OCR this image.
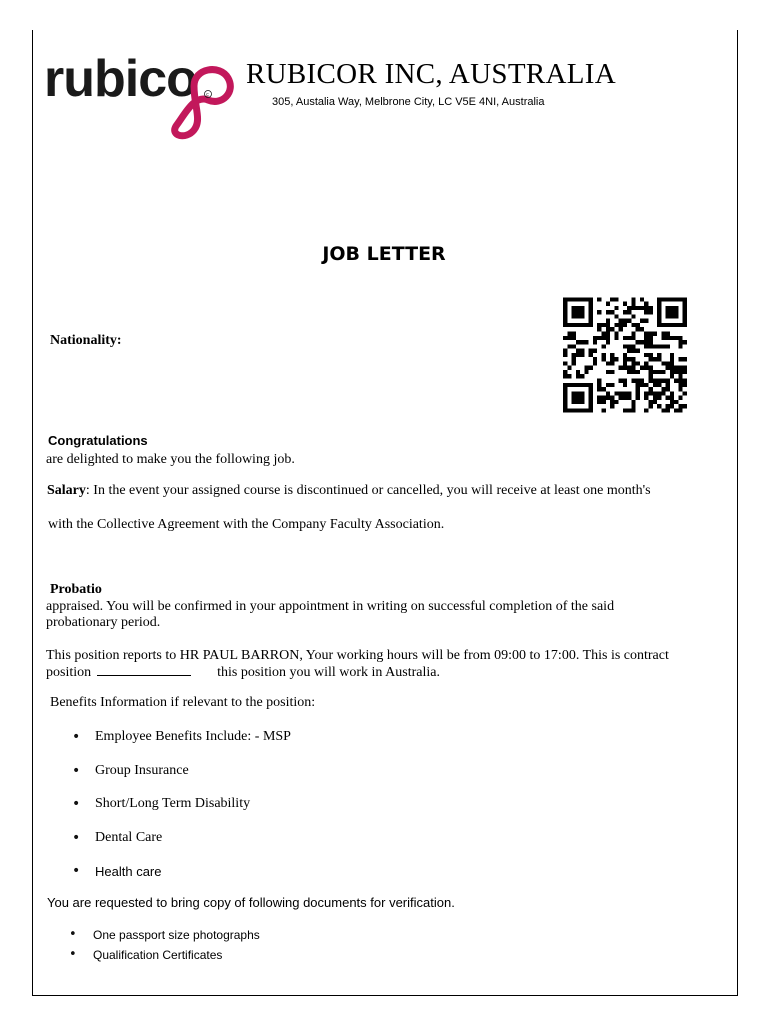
rubico c
RUBICOR INC, AUSTRALIA
305, Austalia Way, Melbrone City, LC V5E 4NI, Australia
JOB LETTER
Nationality:
Congratulations
are delighted to make you the following job.
Salary: In the event your assigned course is discontinued or cancelled, you will receive at least one month's
with the Collective Agreement with the Company Faculty Association.
Probatio
appraised. You will be confirmed in your appointment in writing on successful completion of the said
probationary period.
This position reports to HR PAUL BARRON, Your working hours will be from 09:00 to 17:00. This is contract
position	this position you will work in Australia.
Benefits Information if relevant to the position:
• Employee Benefits Include: - MSP
• Group Insurance
• Short/Long Term Disability
• Dental Care
• Health care
You are requested to bring copy of following documents for verification.
• One passport size photographs
• Qualification Certificates
